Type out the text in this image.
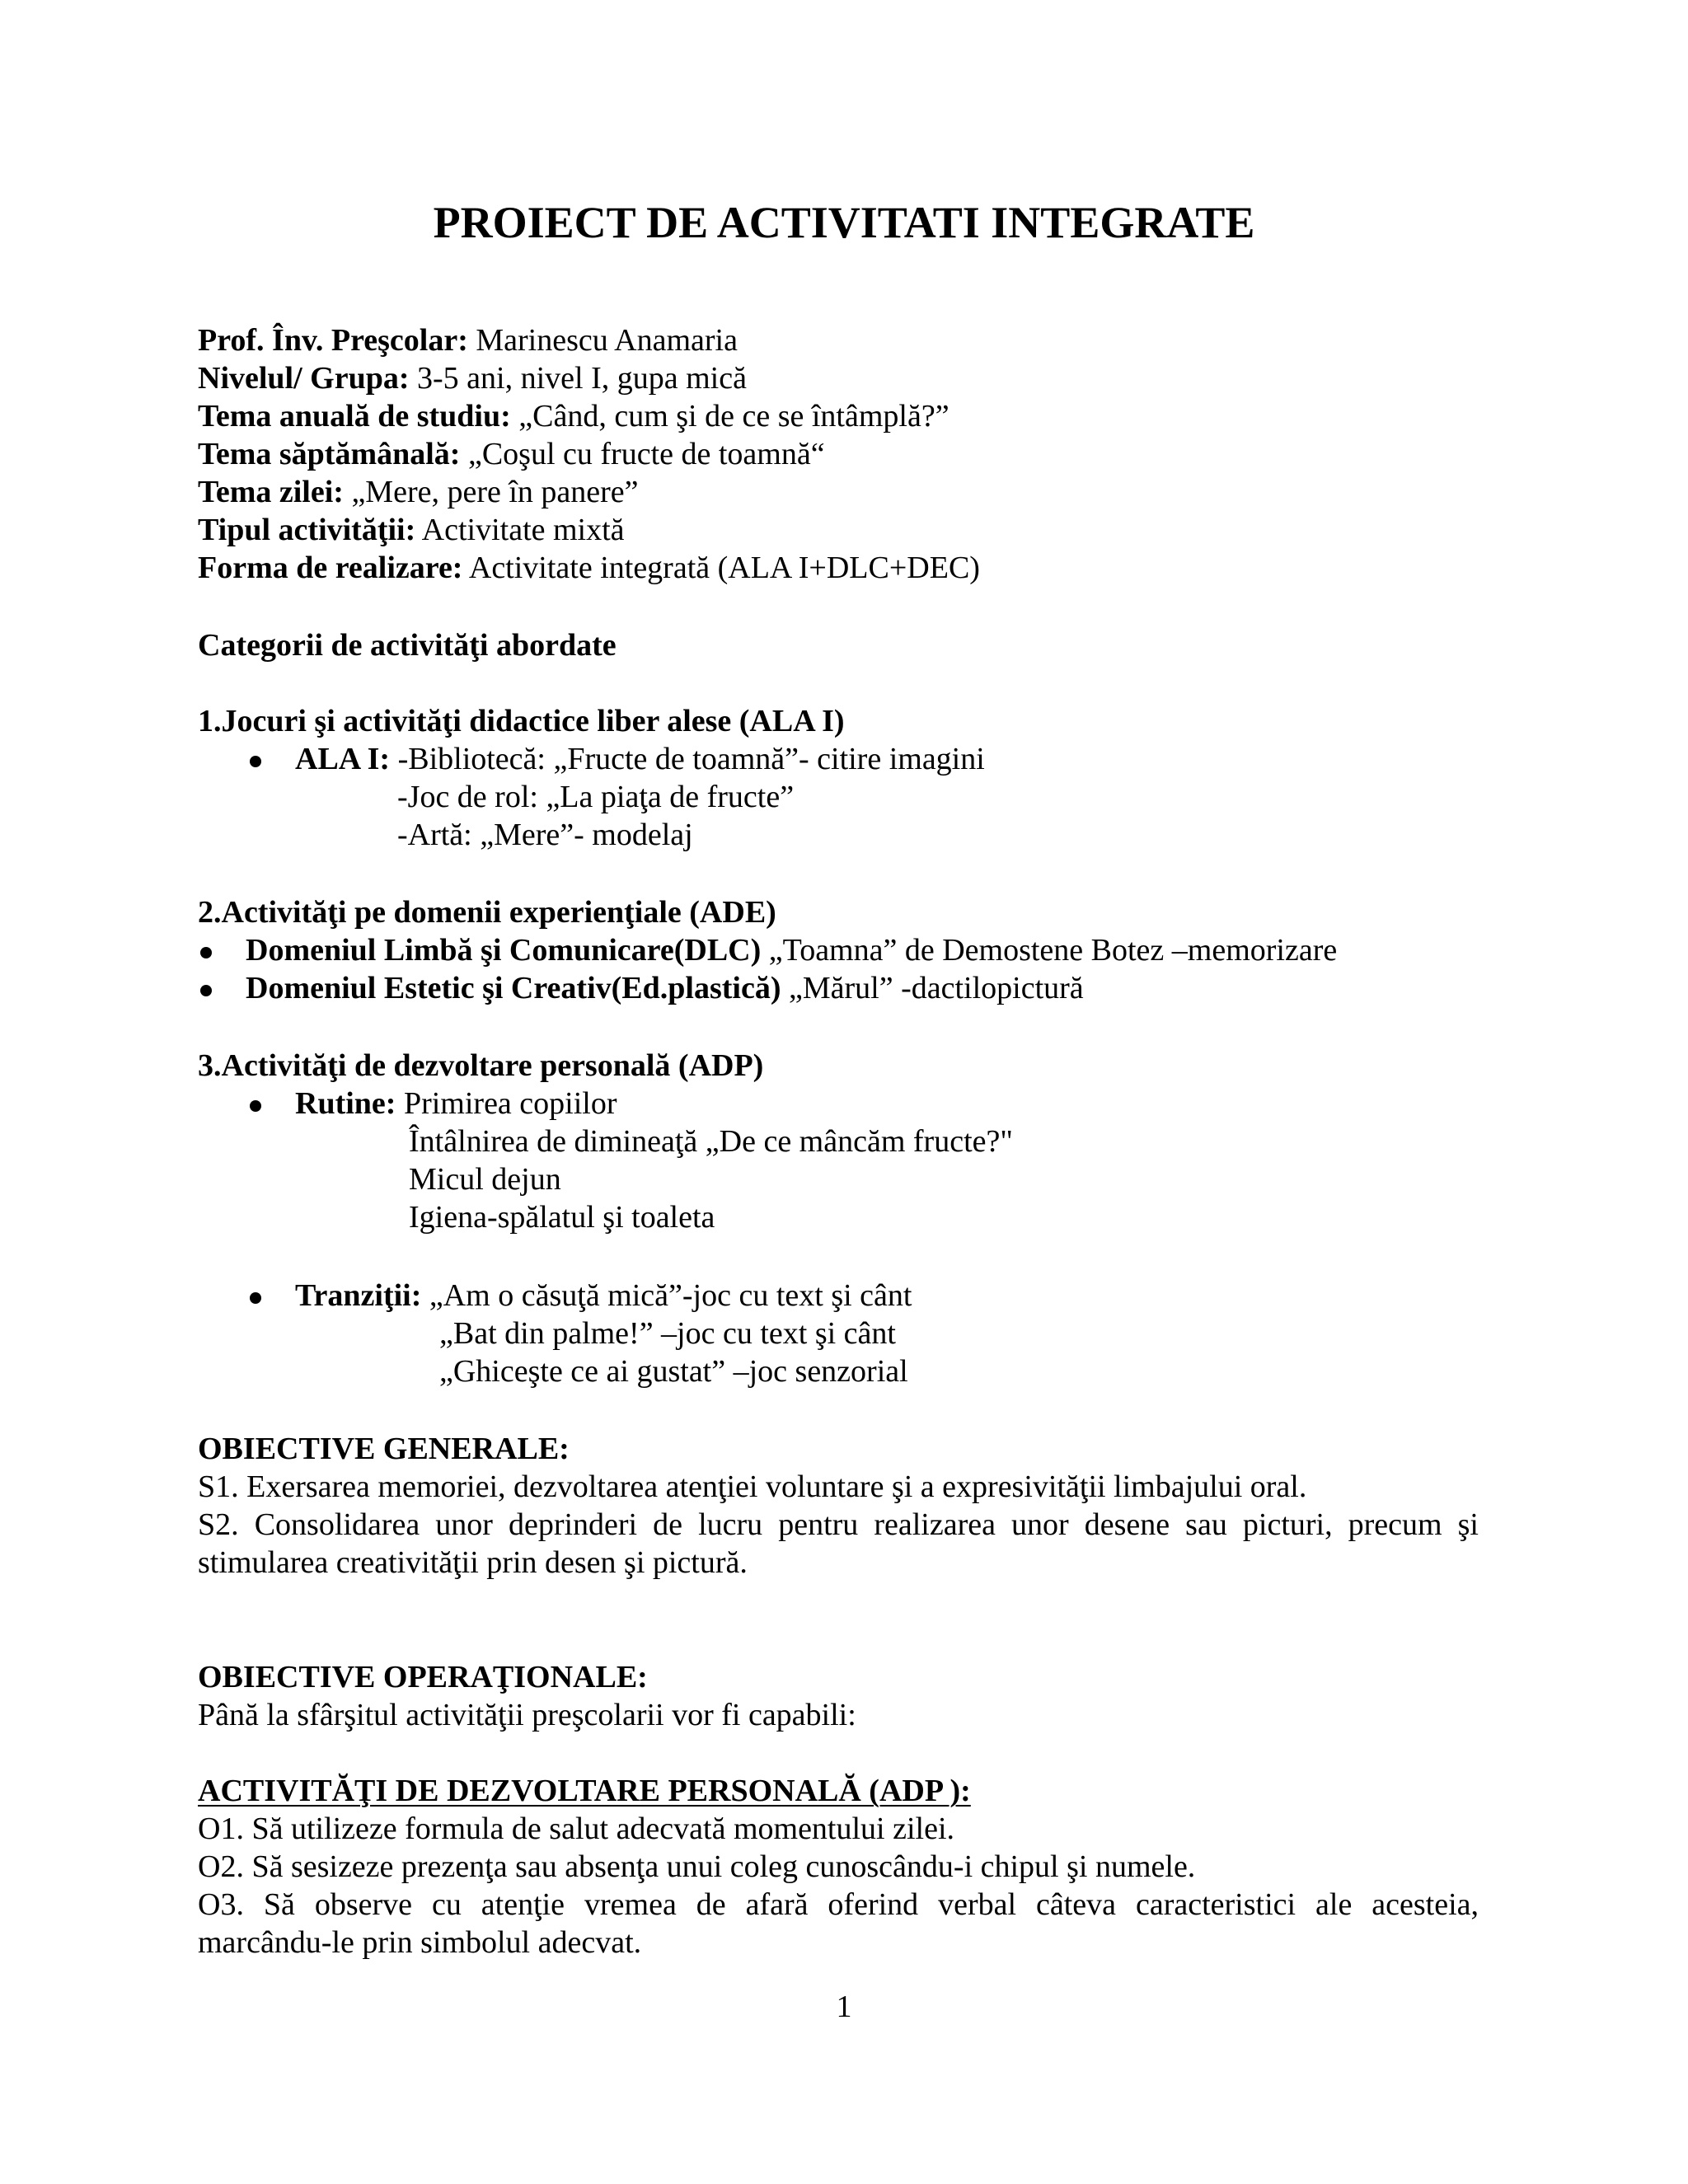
PROIECT DE ACTIVITATI INTEGRATE
Prof. Înv. Preşcolar: Marinescu Anamaria
Nivelul/ Grupa: 3-5 ani, nivel I, gupa mică
Tema anuală de studiu: „Când, cum şi de ce se întâmplă?”
Tema săptămânală: „Coşul cu fructe de toamnă“
Tema zilei: „Mere, pere în panere”
Tipul activităţii: Activitate mixtă
Forma de realizare: Activitate integrată (ALA I+DLC+DEC)
Categorii de activităţi abordate
1.Jocuri şi activităţi didactice liber alese (ALA I)
ALA I: -Bibliotecă: „Fructe de toamnă”- citire imagini
-Joc de rol: „La piaţa de fructe”
-Artă: „Mere”- modelaj
2.Activităţi pe domenii experienţiale (ADE)
Domeniul Limbă şi Comunicare(DLC) „Toamna” de Demostene Botez –memorizare
Domeniul Estetic şi Creativ(Ed.plastică) „Mărul” -dactilopictură
3.Activităţi de dezvoltare personală (ADP)
Rutine: Primirea copiilor
Întâlnirea de dimineaţă „De ce mâncăm fructe?"
Micul dejun
Igiena-spălatul şi toaleta
Tranziţii: „Am o căsuţă mică”-joc cu text şi cânt
„Bat din palme!” –joc cu text şi cânt
„Ghiceşte ce ai gustat” –joc senzorial
OBIECTIVE GENERALE:
S1. Exersarea memoriei, dezvoltarea atenţiei voluntare şi a expresivităţii limbajului oral.
S2. Consolidarea unor deprinderi de lucru pentru realizarea unor desene sau picturi, precum şi
stimularea creativităţii prin desen şi pictură.
OBIECTIVE OPERAŢIONALE:
Până la sfârşitul activităţii preşcolarii vor fi capabili:
ACTIVITĂŢI DE DEZVOLTARE PERSONALĂ (ADP ):
O1. Să utilizeze formula de salut adecvată momentului zilei.
O2. Să sesizeze prezenţa sau absenţa unui coleg cunoscându-i chipul şi numele.
O3. Să observe cu atenţie vremea de afară oferind verbal câteva caracteristici ale acesteia,
marcându-le prin simbolul adecvat.
1
